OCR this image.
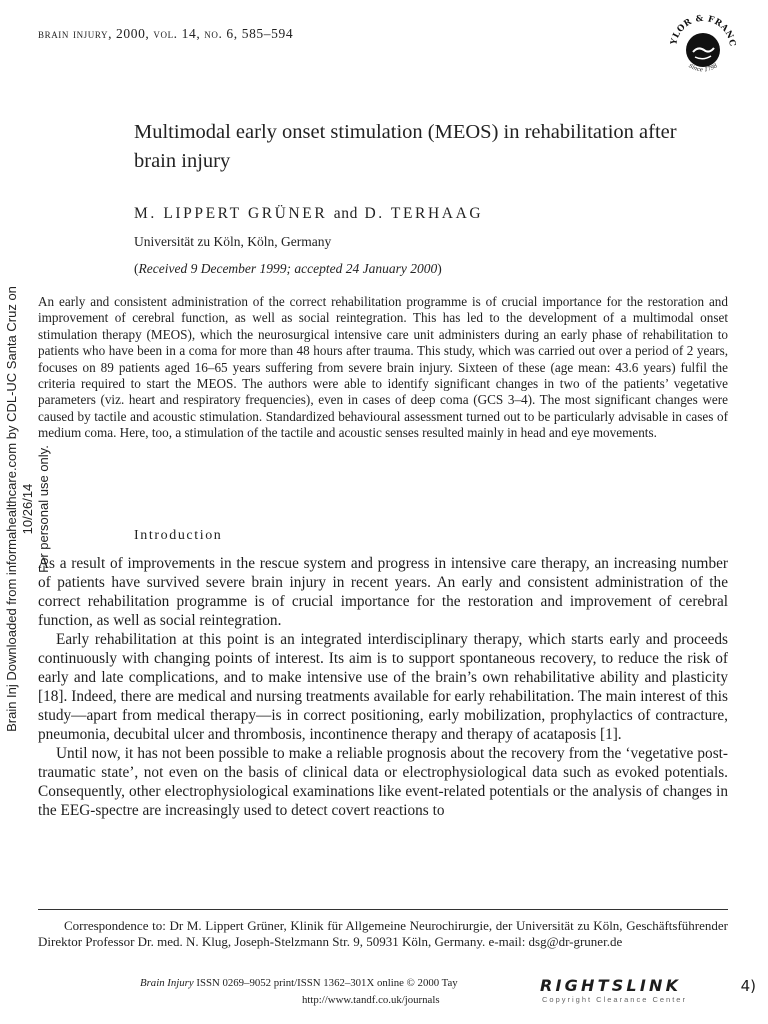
brain injury, 2000, vol. 14, no. 6, 585–594
YLOR & FRANC
Since 1798
Multimodal early onset stimulation (MEOS) in rehabilitation after brain injury
M. LIPPERT GRÜNER and D. TERHAAG
Universität zu Köln, Köln, Germany
(Received 9 December 1999; accepted 24 January 2000)
Brain Inj Downloaded from informahealthcare.com by CDL-UC Santa Cruz on 10/26/14 For personal use only.
An early and consistent administration of the correct rehabilitation programme is of crucial importance for the restoration and improvement of cerebral function, as well as social reintegration. This has led to the development of a multimodal onset stimulation therapy (MEOS), which the neurosurgical intensive care unit administers during an early phase of rehabilitation to patients who have been in a coma for more than 48 hours after trauma. This study, which was carried out over a period of 2 years, focuses on 89 patients aged 16–65 years suffering from severe brain injury. Sixteen of these (age mean: 43.6 years) fulfil the criteria required to start the MEOS. The authors were able to identify significant changes in two of the patients’ vegetative parameters (viz. heart and respiratory frequencies), even in cases of deep coma (GCS 3–4). The most significant changes were caused by tactile and acoustic stimulation. Standardized behavioural assessment turned out to be particularly advisable in cases of medium coma. Here, too, a stimulation of the tactile and acoustic senses resulted mainly in head and eye movements.
Introduction

As a result of improvements in the rescue system and progress in intensive care therapy, an increasing number of patients have survived severe brain injury in recent years. An early and consistent administration of the correct rehabilitation programme is of crucial importance for the restoration and improvement of cerebral function, as well as social reintegration.

Early rehabilitation at this point is an integrated interdisciplinary therapy, which starts early and proceeds continuously with changing points of interest. Its aim is to support spontaneous recovery, to reduce the risk of early and late complications, and to make intensive use of the brain’s own rehabilitative ability and plasticity [18]. Indeed, there are medical and nursing treatments available for early rehabilitation. The main interest of this study—apart from medical therapy—is in correct positioning, early mobilization, prophylactics of contracture, pneumonia, decubital ulcer and thrombosis, incontinence therapy and therapy of acataposis [1].

Until now, it has not been possible to make a reliable prognosis about the recovery from the ‘vegetative post-traumatic state’, not even on the basis of clinical data or electrophysiological data such as evoked potentials. Consequently, other electrophysiological examinations like event-related potentials or the analysis of changes in the EEG-spectre are increasingly used to detect covert reactions to

Correspondence to: Dr M. Lippert Grüner, Klinik für Allgemeine Neurochirurgie, der Universität zu Köln, Geschäftsführender Direktor Professor Dr. med. N. Klug, Joseph-Stelzmann Str. 9, 50931 Köln, Germany. e-mail: dsg@dr-gruner.de
Brain Injury ISSN 0269–9052 print/ISSN 1362–301X online © 2000 Tay
http://www.tandf.co.uk/journals
RIGHTSLINK	4)
Copyright Clearance Center
